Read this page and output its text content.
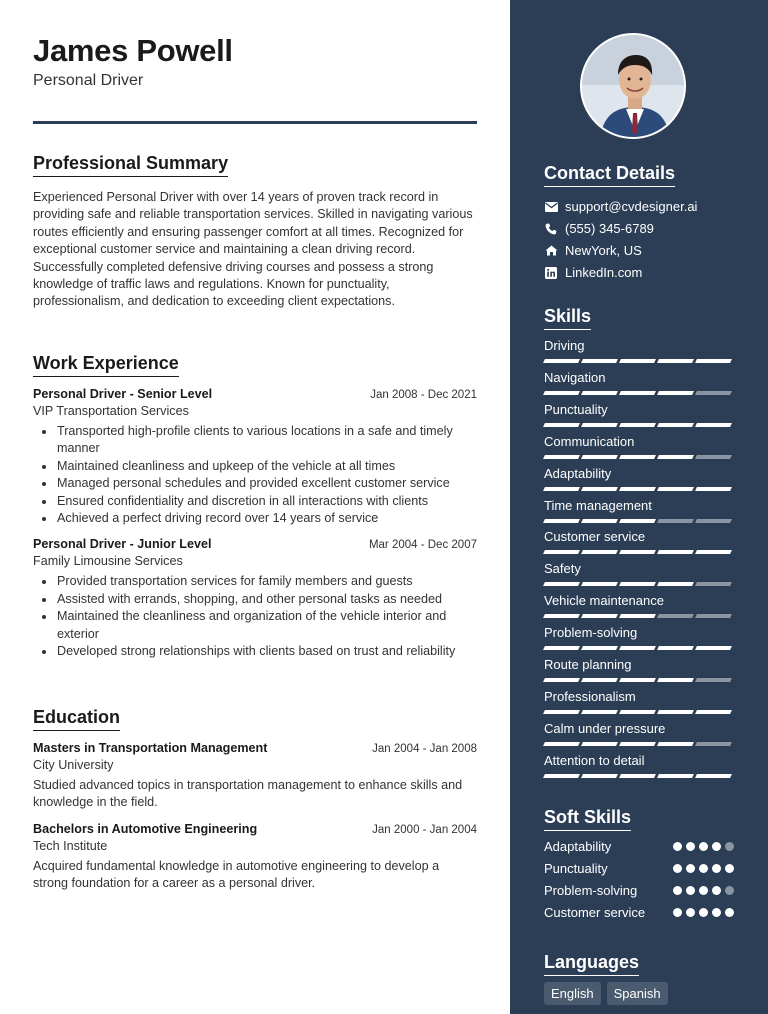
James Powell
Personal Driver
Professional Summary

Experienced Personal Driver with over 14 years of proven track record in providing safe and reliable transportation services. Skilled in navigating various routes efficiently and ensuring passenger comfort at all times. Recognized for exceptional customer service and maintaining a clean driving record. Successfully completed defensive driving courses and possess a strong knowledge of traffic laws and regulations. Known for punctuality, professionalism, and dedication to exceeding client expectations.

Work Experience
Personal Driver - Senior Level	Jan 2008 - Dec 2021
VIP Transportation Services
Transported high-profile clients to various locations in a safe and timely manner
Maintained cleanliness and upkeep of the vehicle at all times
Managed personal schedules and provided excellent customer service
Ensured confidentiality and discretion in all interactions with clients
Achieved a perfect driving record over 14 years of service
Personal Driver - Junior Level	Mar 2004 - Dec 2007
Family Limousine Services
Provided transportation services for family members and guests
Assisted with errands, shopping, and other personal tasks as needed
Maintained the cleanliness and organization of the vehicle interior and exterior
Developed strong relationships with clients based on trust and reliability
Education
Masters in Transportation Management	Jan 2004 - Jan 2008
City University

Studied advanced topics in transportation management to enhance skills and knowledge in the field.

Bachelors in Automotive Engineering	Jan 2000 - Jan 2004
Tech Institute

Acquired fundamental knowledge in automotive engineering to develop a strong foundation for a career as a personal driver.

Contact Details
support@cvdesigner.ai
(555) 345-6789
NewYork, US
LinkedIn.com
Skills
Driving
Navigation
Punctuality
Communication
Adaptability
Time management
Customer service
Safety
Vehicle maintenance
Problem-solving
Route planning
Professionalism
Calm under pressure
Attention to detail
Soft Skills
Adaptability
Punctuality
Problem-solving
Customer service
Languages
English	Spanish
